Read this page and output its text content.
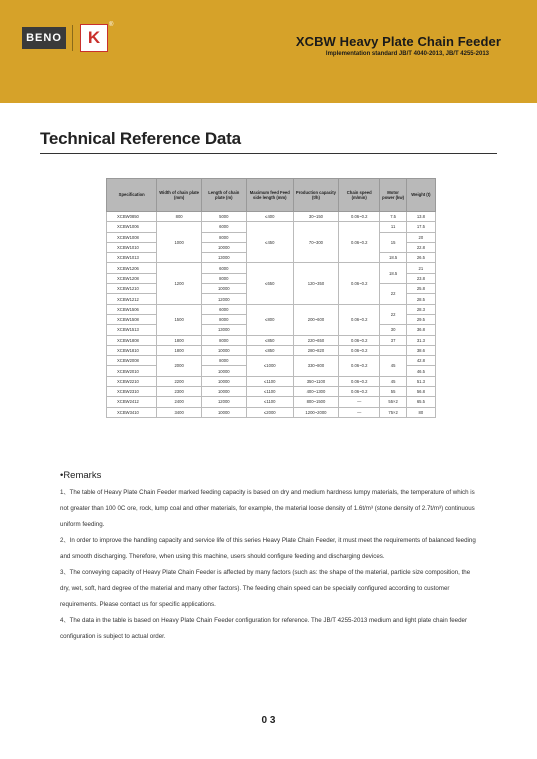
BENO	K
®
XCBW Heavy Plate Chain Feeder
Implementation standard JB/T 4040-2013, JB/T 4255-2013
Technical Reference Data
Specification	Width of chain plate (mm)	Length of chain plate (m)	Maximum feed Feed side length (mm)	Production capacity (t/h)	Chain speed (m/min)	Motor power (kw)	Weight (t)
XCBW0850	800	5000	≤400	30~150	0.06~0.2	7.5	13.8
XCBW1006	1000	6000	≤450	70~300	0.06~0.2	11	17.5
XCBW1008		8000				15	20
XCBW1010		10000					22.8
XCBW1013		13000				18.5	26.5
XCBW1206	1200	6000	≤650	120~350	0.06~0.2	18.5	21
XCBW1208		8000					23.8
XCBW1210		10000				22	25.8
XCBW1212		12000					28.5
XCBW1506	1500	6000	≤800	200~600	0.06~0.2	22	28.3
XCBW1508		8000					29.5
XCBW1513		13000				30	36.8
XCBW1808	1800	8000	≤850	220~650	0.06~0.2	37	31.3
XCBW1810	1800	10000	≤850	280~820	0.06~0.2		38.6
XCBW2008	2000	8000	≤1000	330~800	0.06~0.2	45	42.8
XCBW2010		10000					46.5
XCBW2210	2200	10000	≤1100	350~1100	0.06~0.2	45	51.3
XCBW2310	2300	10000	≤1100	400~1300	0.06~0.2	55	56.8
XCBW2412	2400	12000	≤1100	800~1500	—	55×2	65.5
XCBW3410	3400	10000	≤2000	1200~2000	—	75×2	80
•Remarks

1、The table of Heavy Plate Chain Feeder marked feeding capacity is based on dry and medium hardness lumpy materials, the temperature of which is not greater than 100 0C ore, rock, lump coal and other materials, for example, the material loose density of 1.6t/m³ (stone density of 2.7t/m³) continuous uniform feeding.

2、In order to improve the handling capacity and service life of this series Heavy Plate Chain Feeder, it must meet the requirements of balanced feeding and smooth discharging. Therefore, when using this machine, users should configure feeding and discharging devices.

3、The conveying capacity of Heavy Plate Chain Feeder is affected by many factors (such as: the shape of the material, particle size composition, the dry, wet, soft, hard degree of the material and many other factors). The feeding chain speed can be specially configured according to customer requirements. Please contact us for specific applications.

4、The data in the table is based on Heavy Plate Chain Feeder configuration for reference. The JB/T 4255-2013 medium and light plate chain feeder configuration is subject to actual order.

0 3
